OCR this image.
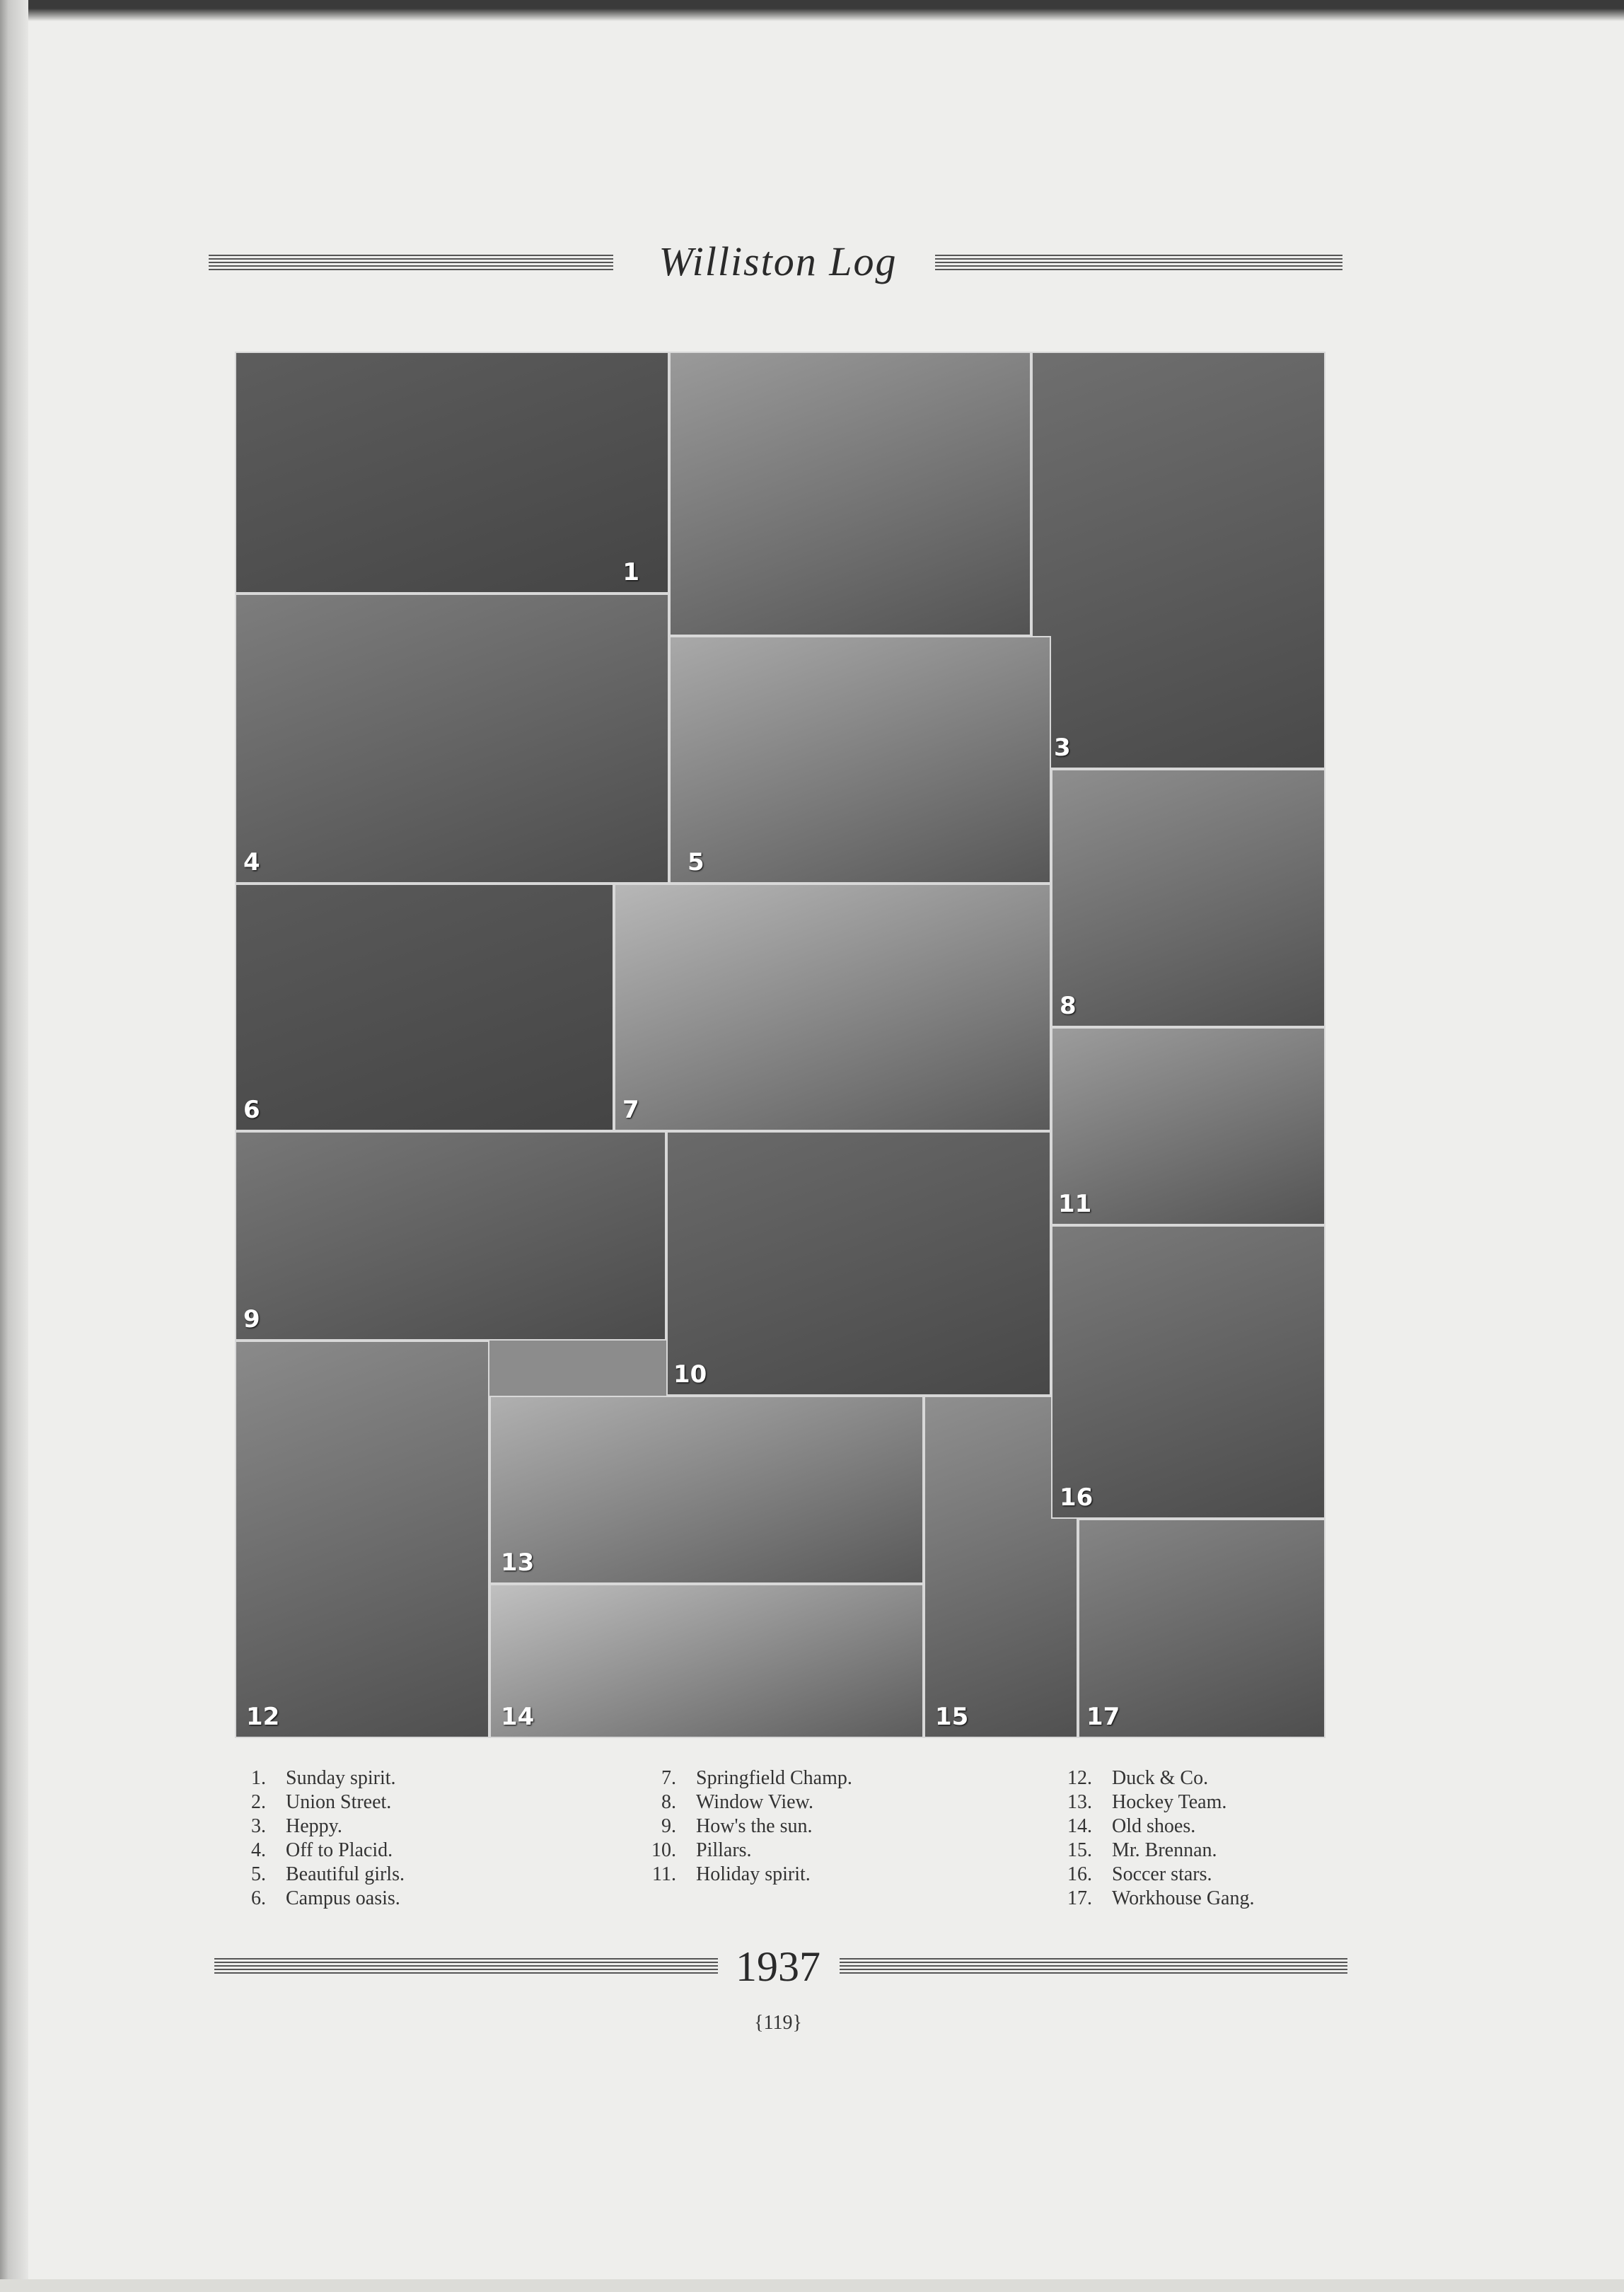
Williston Log
1
3
4	5
6	7
8
9
10
11
12
13
14	15
16
17
1.	Sunday spirit.
2.	Union Street.
3.	Heppy.
4.	Off to Placid.
5.	Beautiful girls.
6.	Campus oasis.
7.	Springfield Champ.
8.	Window View.
9.	How's the sun.
10.	Pillars.
11.	Holiday spirit.
12.	Duck & Co.
13.	Hockey Team.
14.	Old shoes.
15.	Mr. Brennan.
16.	Soccer stars.
17.	Workhouse Gang.
1937
{119}
